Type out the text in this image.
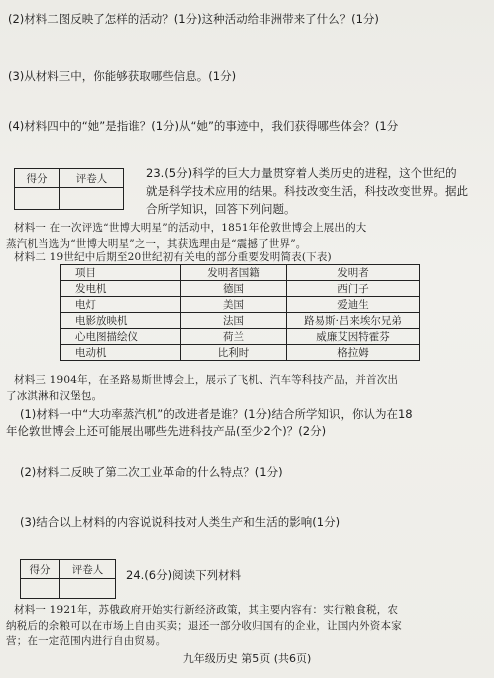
(2)材料二图反映了怎样的活动？(1分)这种活动给非洲带来了什么？(1分)
(3)从材料三中，你能够获取哪些信息。(1分)
(4)材料四中的“她”是指谁？(1分)从“她”的事迹中，我们获得哪些体会？(1分
得分	评卷人
		23.(5分)科学的巨大力量贯穿着人类历史的进程，这个世纪的
就是科学技术应用的结果。科技改变生活，科技改变世界。据此
合所学知识，回答下列问题。
材料一 在一次评选“世博大明星”的活动中，1851年伦敦世博会上展出的大
蒸汽机当选为“世博大明星”之一，其获选理由是“震撼了世界”。
材料二 19世纪中后期至20世纪初有关电的部分重要发明简表(下表)
项目	发明者国籍	发明者
发电机	德国	西门子
电灯	美国	爱迪生
电影放映机	法国	路易斯·吕来埃尔兄弟
心电图描绘仪	荷兰	威廉艾因特霍芬
电动机	比利时	格拉姆
材料三 1904年，在圣路易斯世博会上，展示了飞机、汽车等科技产品，并首次出
了冰淇淋和汉堡包。
(1)材料一中“大功率蒸汽机”的改进者是谁？(1分)结合所学知识，你认为在18
年伦敦世博会上还可能展出哪些先进科技产品(至少2个)？(2分)
(2)材料二反映了第二次工业革命的什么特点？(1分)
(3)结合以上材料的内容说说科技对人类生产和生活的影响(1分)
得分	评卷人
	24.(6分)阅读下列材料
材料一 1921年，苏俄政府开始实行新经济政策，其主要内容有：实行粮食税，农
纳税后的余粮可以在市场上自由买卖；退还一部分收归国有的企业，让国内外资本家
营；在一定范围内进行自由贸易。
九年级历史 第5页 (共6页)
